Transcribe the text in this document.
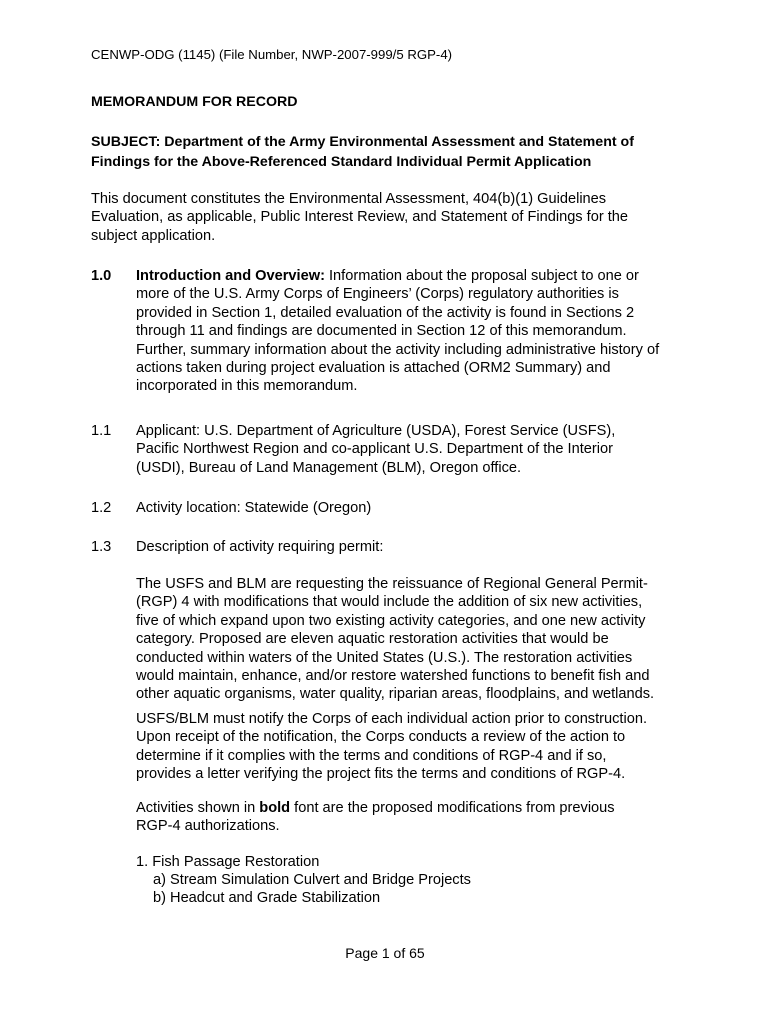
CENWP-ODG (1145) (File Number, NWP-2007-999/5 RGP-4)
MEMORANDUM FOR RECORD
SUBJECT: Department of the Army Environmental Assessment and Statement of
Findings for the Above-Referenced Standard Individual Permit Application
This document constitutes the Environmental Assessment, 404(b)(1) Guidelines
Evaluation, as applicable, Public Interest Review, and Statement of Findings for the
subject application.
1.0 Introduction and Overview: Information about the proposal subject to one or
more of the U.S. Army Corps of Engineers’ (Corps) regulatory authorities is
provided in Section 1, detailed evaluation of the activity is found in Sections 2
through 11 and findings are documented in Section 12 of this memorandum.
Further, summary information about the activity including administrative history of
actions taken during project evaluation is attached (ORM2 Summary) and
incorporated in this memorandum.
1.1 Applicant: U.S. Department of Agriculture (USDA), Forest Service (USFS),
Pacific Northwest Region and co-applicant U.S. Department of the Interior
(USDI), Bureau of Land Management (BLM), Oregon office.
1.2 Activity location: Statewide (Oregon)
1.3 Description of activity requiring permit:
The USFS and BLM are requesting the reissuance of Regional General Permit-
(RGP) 4 with modifications that would include the addition of six new activities,
five of which expand upon two existing activity categories, and one new activity
category. Proposed are eleven aquatic restoration activities that would be
conducted within waters of the United States (U.S.). The restoration activities
would maintain, enhance, and/or restore watershed functions to benefit fish and
other aquatic organisms, water quality, riparian areas, floodplains, and wetlands.
USFS/BLM must notify the Corps of each individual action prior to construction.
Upon receipt of the notification, the Corps conducts a review of the action to
determine if it complies with the terms and conditions of RGP-4 and if so,
provides a letter verifying the project fits the terms and conditions of RGP-4.
Activities shown in bold font are the proposed modifications from previous
RGP-4 authorizations.
1. Fish Passage Restoration
a) Stream Simulation Culvert and Bridge Projects
b) Headcut and Grade Stabilization
Page 1 of 65
